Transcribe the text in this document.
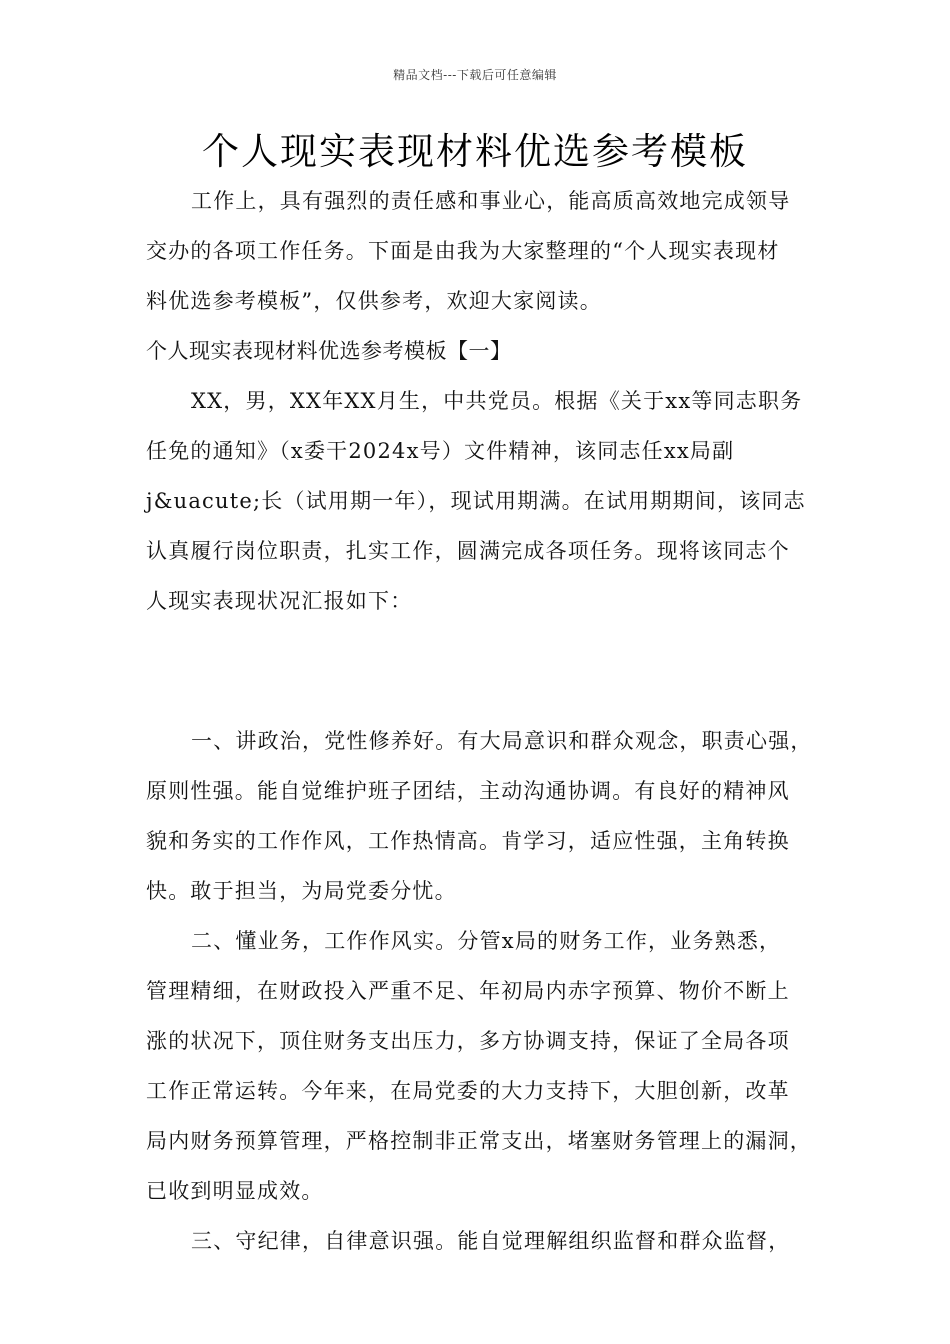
精品文档---下载后可任意编辑
个人现实表现材料优选参考模板
工作上，具有强烈的责任感和事业心，能高质高效地完成领导
交办的各项工作任务。下面是由我为大家整理的“个人现实表现材
料优选参考模板”，仅供参考，欢迎大家阅读。
个人现实表现材料优选参考模板【一】
XX，男，XX年XX月生，中共党员。根据《关于xx等同志职务
任免的通知》（x委干2024x号）文件精神，该同志任xx局副
j&uacute;长（试用期一年），现试用期满。在试用期期间，该同志
认真履行岗位职责，扎实工作，圆满完成各项任务。现将该同志个
人现实表现状况汇报如下：
一、讲政治，党性修养好。有大局意识和群众观念，职责心强，
原则性强。能自觉维护班子团结，主动沟通协调。有良好的精神风
貌和务实的工作作风，工作热情高。肯学习，适应性强，主角转换
快。敢于担当，为局党委分忧。
二、懂业务，工作作风实。分管x局的财务工作，业务熟悉，
管理精细，在财政投入严重不足、年初局内赤字预算、物价不断上
涨的状况下，顶住财务支出压力，多方协调支持，保证了全局各项
工作正常运转。今年来，在局党委的大力支持下，大胆创新，改革
局内财务预算管理，严格控制非正常支出，堵塞财务管理上的漏洞，
已收到明显成效。
三、守纪律，自律意识强。能自觉理解组织监督和群众监督，
